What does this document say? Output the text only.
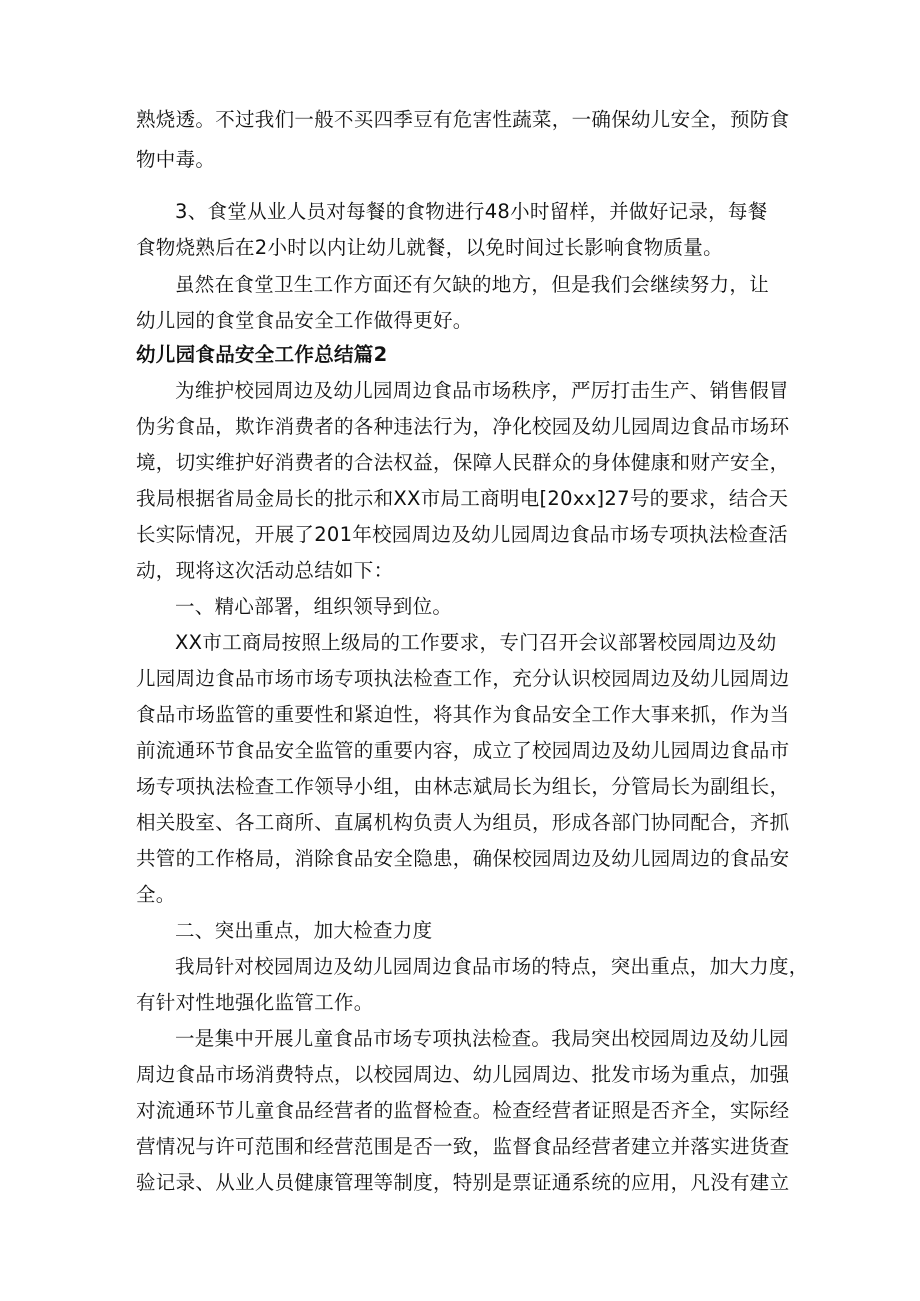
熟烧透。不过我们一般不买四季豆有危害性蔬菜，一确保幼儿安全，预防食
物中毒。
3、食堂从业人员对每餐的食物进行48小时留样，并做好记录，每餐
食物烧熟后在2小时以内让幼儿就餐，以免时间过长影响食物质量。
虽然在食堂卫生工作方面还有欠缺的地方，但是我们会继续努力，让
幼儿园的食堂食品安全工作做得更好。
幼儿园食品安全工作总结篇2
为维护校园周边及幼儿园周边食品市场秩序，严厉打击生产、销售假冒
伪劣食品，欺诈消费者的各种违法行为，净化校园及幼儿园周边食品市场环
境，切实维护好消费者的合法权益，保障人民群众的身体健康和财产安全，
我局根据省局金局长的批示和XX市局工商明电[20xx]27号的要求，结合天
长实际情况，开展了201年校园周边及幼儿园周边食品市场专项执法检查活
动，现将这次活动总结如下：
一、精心部署，组织领导到位。
XX市工商局按照上级局的工作要求，专门召开会议部署校园周边及幼
儿园周边食品市场市场专项执法检查工作，充分认识校园周边及幼儿园周边
食品市场监管的重要性和紧迫性，将其作为食品安全工作大事来抓，作为当
前流通环节食品安全监管的重要内容，成立了校园周边及幼儿园周边食品市
场专项执法检查工作领导小组，由林志斌局长为组长，分管局长为副组长，
相关股室、各工商所、直属机构负责人为组员，形成各部门协同配合，齐抓
共管的工作格局，消除食品安全隐患，确保校园周边及幼儿园周边的食品安
全。
二、突出重点，加大检查力度
我局针对校园周边及幼儿园周边食品市场的特点，突出重点，加大力度，
有针对性地强化监管工作。
一是集中开展儿童食品市场专项执法检查。我局突出校园周边及幼儿园
周边食品市场消费特点，以校园周边、幼儿园周边、批发市场为重点，加强
对流通环节儿童食品经营者的监督检查。检查经营者证照是否齐全，实际经
营情况与许可范围和经营范围是否一致，监督食品经营者建立并落实进货查
验记录、从业人员健康管理等制度，特别是票证通系统的应用，凡没有建立
